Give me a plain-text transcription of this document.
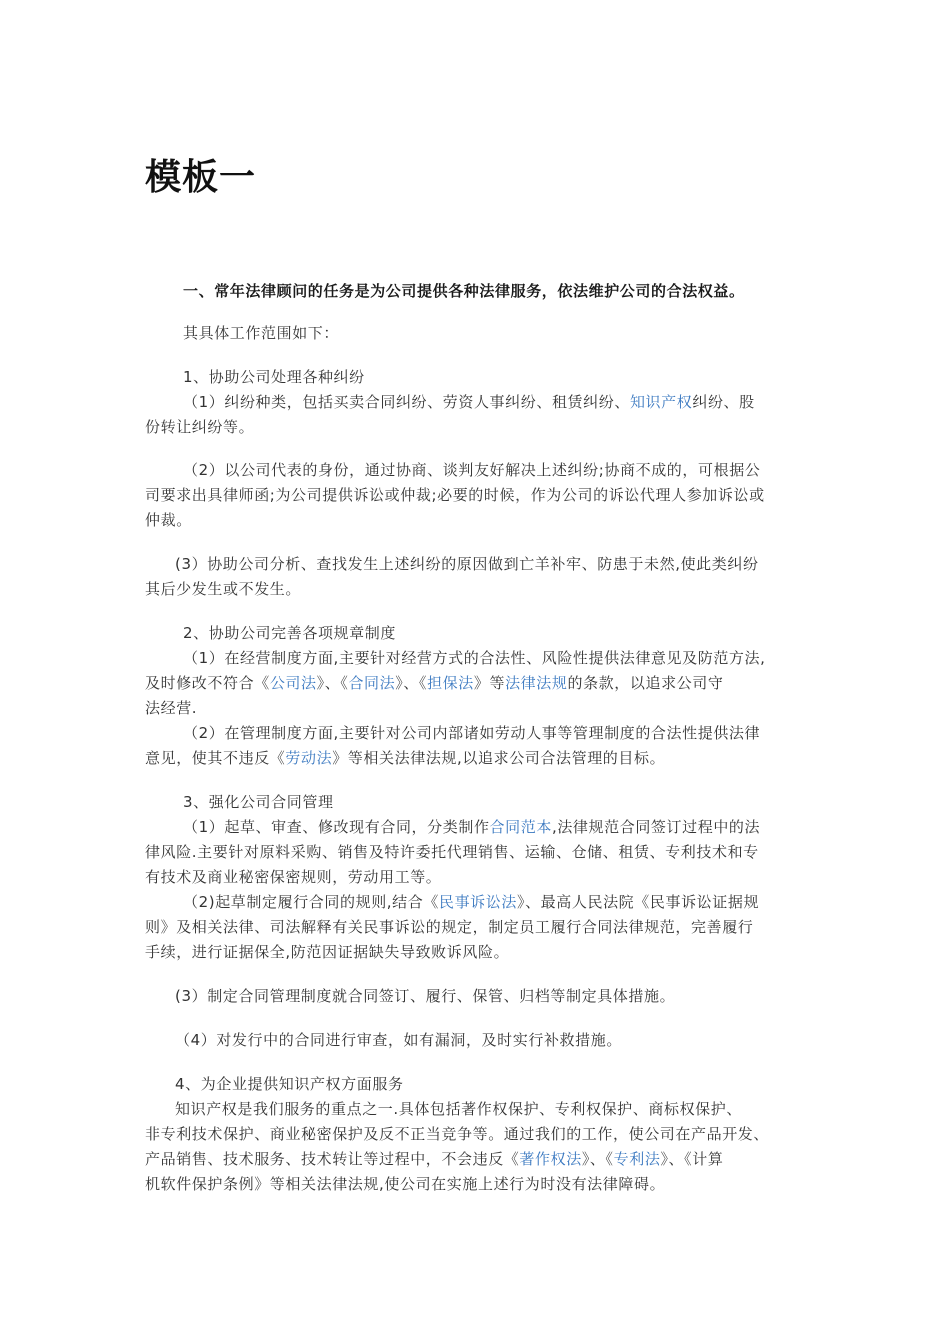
模板一
一、常年法律顾问的任务是为公司提供各种法律服务，依法维护公司的合法权益。
其具体工作范围如下：
1、协助公司处理各种纠纷
（1）纠纷种类，包括买卖合同纠纷、劳资人事纠纷、租赁纠纷、知识产权纠纷、股
份转让纠纷等。
（2）以公司代表的身份，通过协商、谈判友好解决上述纠纷;协商不成的，可根据公
司要求出具律师函;为公司提供诉讼或仲裁;必要的时候，作为公司的诉讼代理人参加诉讼或
仲裁。
(3）协助公司分析、查找发生上述纠纷的原因做到亡羊补牢、防患于未然,使此类纠纷
其后少发生或不发生。
2、协助公司完善各项规章制度
（1）在经营制度方面,主要针对经营方式的合法性、风险性提供法律意见及防范方法,
及时修改不符合《公司法》、《合同法》、《担保法》等法律法规的条款，以追求公司守
法经营.
（2）在管理制度方面,主要针对公司内部诸如劳动人事等管理制度的合法性提供法律
意见，使其不违反《劳动法》等相关法律法规,以追求公司合法管理的目标。
3、强化公司合同管理
（1）起草、审查、修改现有合同，分类制作合同范本,法律规范合同签订过程中的法
律风险.主要针对原料采购、销售及特许委托代理销售、运输、仓储、租赁、专利技术和专
有技术及商业秘密保密规则，劳动用工等。
（2)起草制定履行合同的规则,结合《民事诉讼法》、最高人民法院《民事诉讼证据规
则》及相关法律、司法解释有关民事诉讼的规定，制定员工履行合同法律规范，完善履行
手续，进行证据保全,防范因证据缺失导致败诉风险。
(3）制定合同管理制度就合同签订、履行、保管、归档等制定具体措施。
（4）对发行中的合同进行审查，如有漏洞，及时实行补救措施。
4、为企业提供知识产权方面服务
知识产权是我们服务的重点之一.具体包括著作权保护、专利权保护、商标权保护、
非专利技术保护、商业秘密保护及反不正当竞争等。通过我们的工作，使公司在产品开发、
产品销售、技术服务、技术转让等过程中，不会违反《著作权法》、《专利法》、《计算
机软件保护条例》等相关法律法规,使公司在实施上述行为时没有法律障碍。
